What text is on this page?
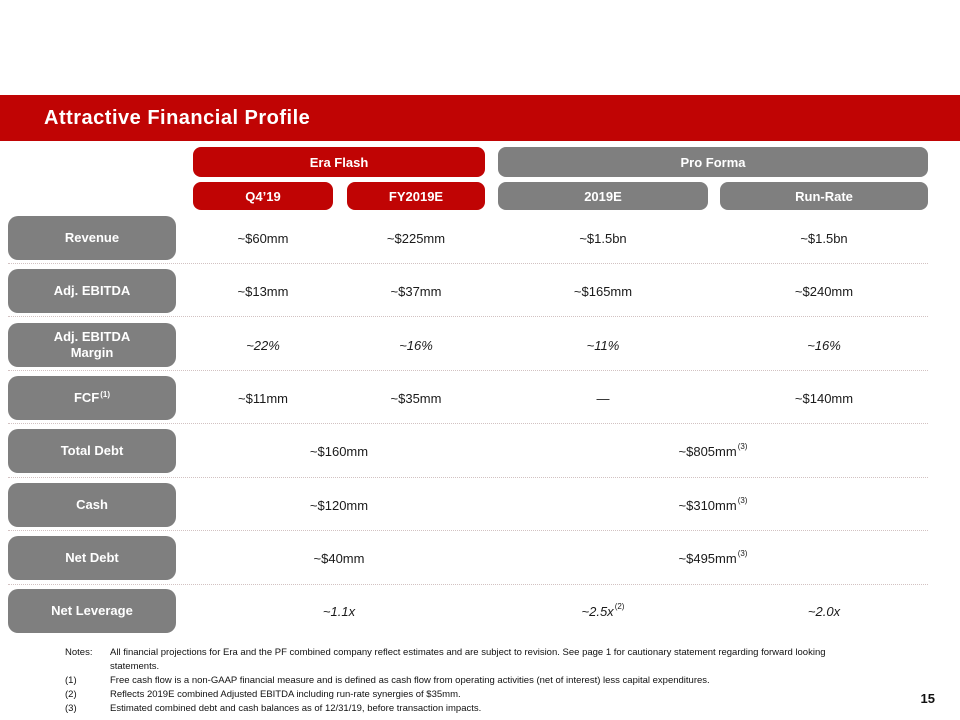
Attractive Financial Profile
Era Flash	Pro Forma
Q4’19	FY2019E	2019E	Run-Rate
Revenue	~$60mm	~$225mm	~$1.5bn	~$1.5bn
Adj. EBITDA	~$13mm	~$37mm	~$165mm	~$240mm
Adj. EBITDA
Margin	~22%	~16%	~11%	~16%
FCF$^{(1)}$	~$11mm	~$35mm	—	~$140mm
Total Debt	~$160mm	~$805mm (3)
Cash	~$120mm	~$310mm (3)
Net Debt	~$40mm	~$495mm (3)
Net Leverage	~1.1x	~2.5x (2)	~2.0x
Notes:	All financial projections for Era and the PF combined company reflect estimates and are subject to revision. See page 1 for cautionary statement regarding forward looking statements.
(1)	Free cash flow is a non-GAAP financial measure and is defined as cash flow from operating activities (net of interest) less capital expenditures.
(2)	Reflects 2019E combined Adjusted EBITDA including run-rate synergies of $35mm.
(3)	Estimated combined debt and cash balances as of 12/31/19, before transaction impacts.
15
